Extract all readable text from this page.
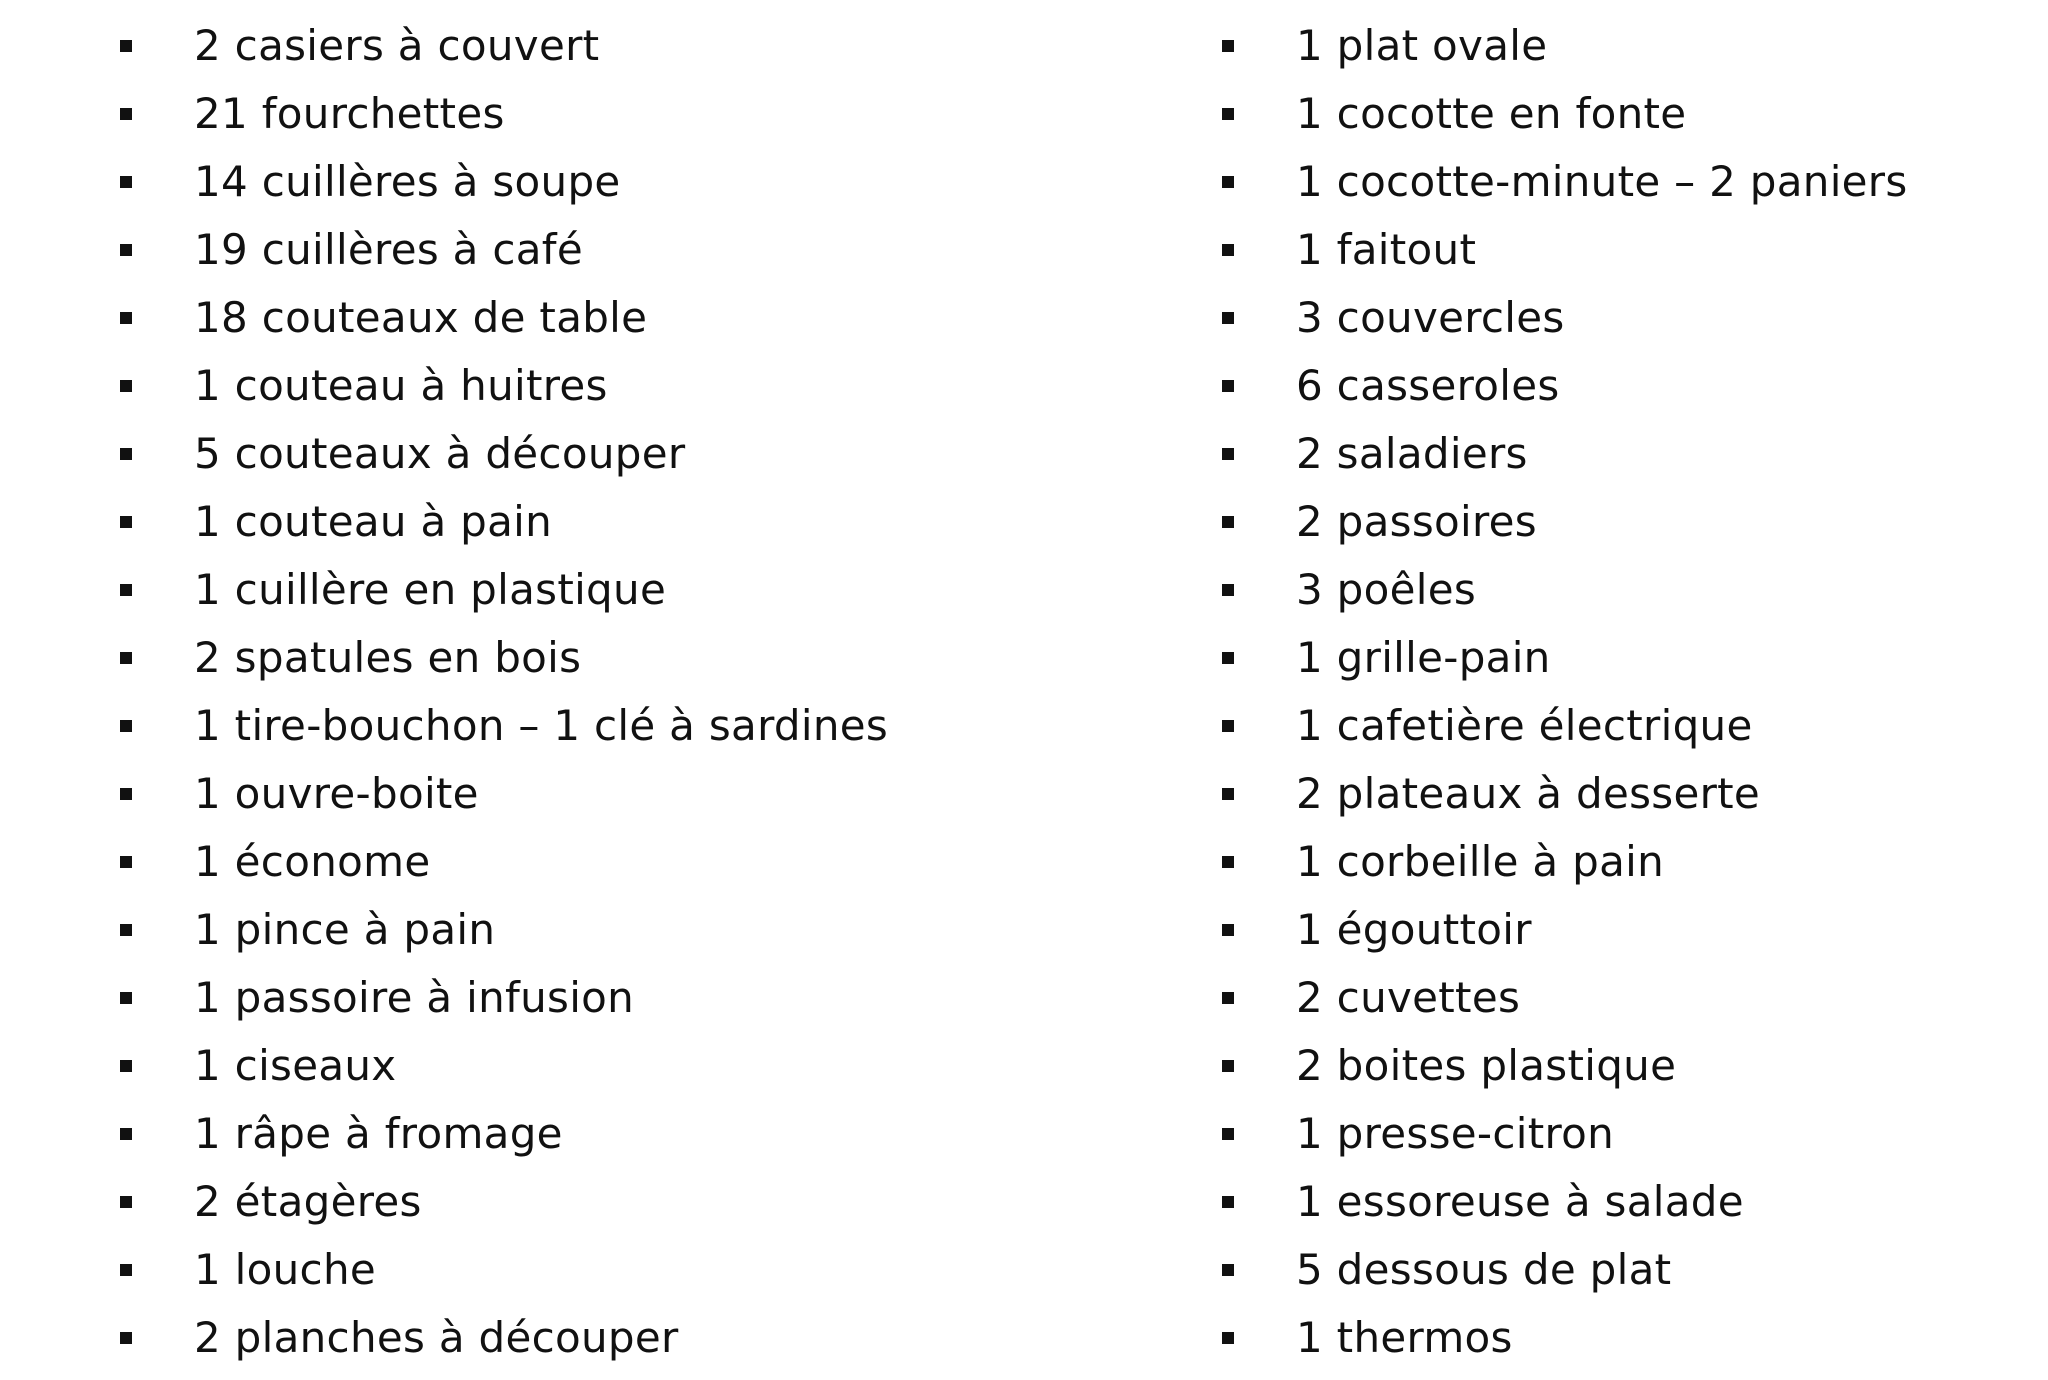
2 casiers à couvert
21 fourchettes
14 cuillères à soupe
19 cuillères à café
18 couteaux de table
1 couteau à huitres
5 couteaux à découper
1 couteau à pain
1 cuillère en plastique
2 spatules en bois
1 tire-bouchon – 1 clé à sardines
1 ouvre-boite
1 économe
1 pince à pain
1 passoire à infusion
1 ciseaux
1 râpe à fromage
2 étagères
1 louche
2 planches à découper
1 plat ovale
1 cocotte en fonte
1 cocotte-minute – 2 paniers
1 faitout
3 couvercles
6 casseroles
2 saladiers
2 passoires
3 poêles
1 grille-pain
1 cafetière électrique
2 plateaux à desserte
1 corbeille à pain
1 égouttoir
2 cuvettes
2 boites plastique
1 presse-citron
1 essoreuse à salade
5 dessous de plat
1 thermos
